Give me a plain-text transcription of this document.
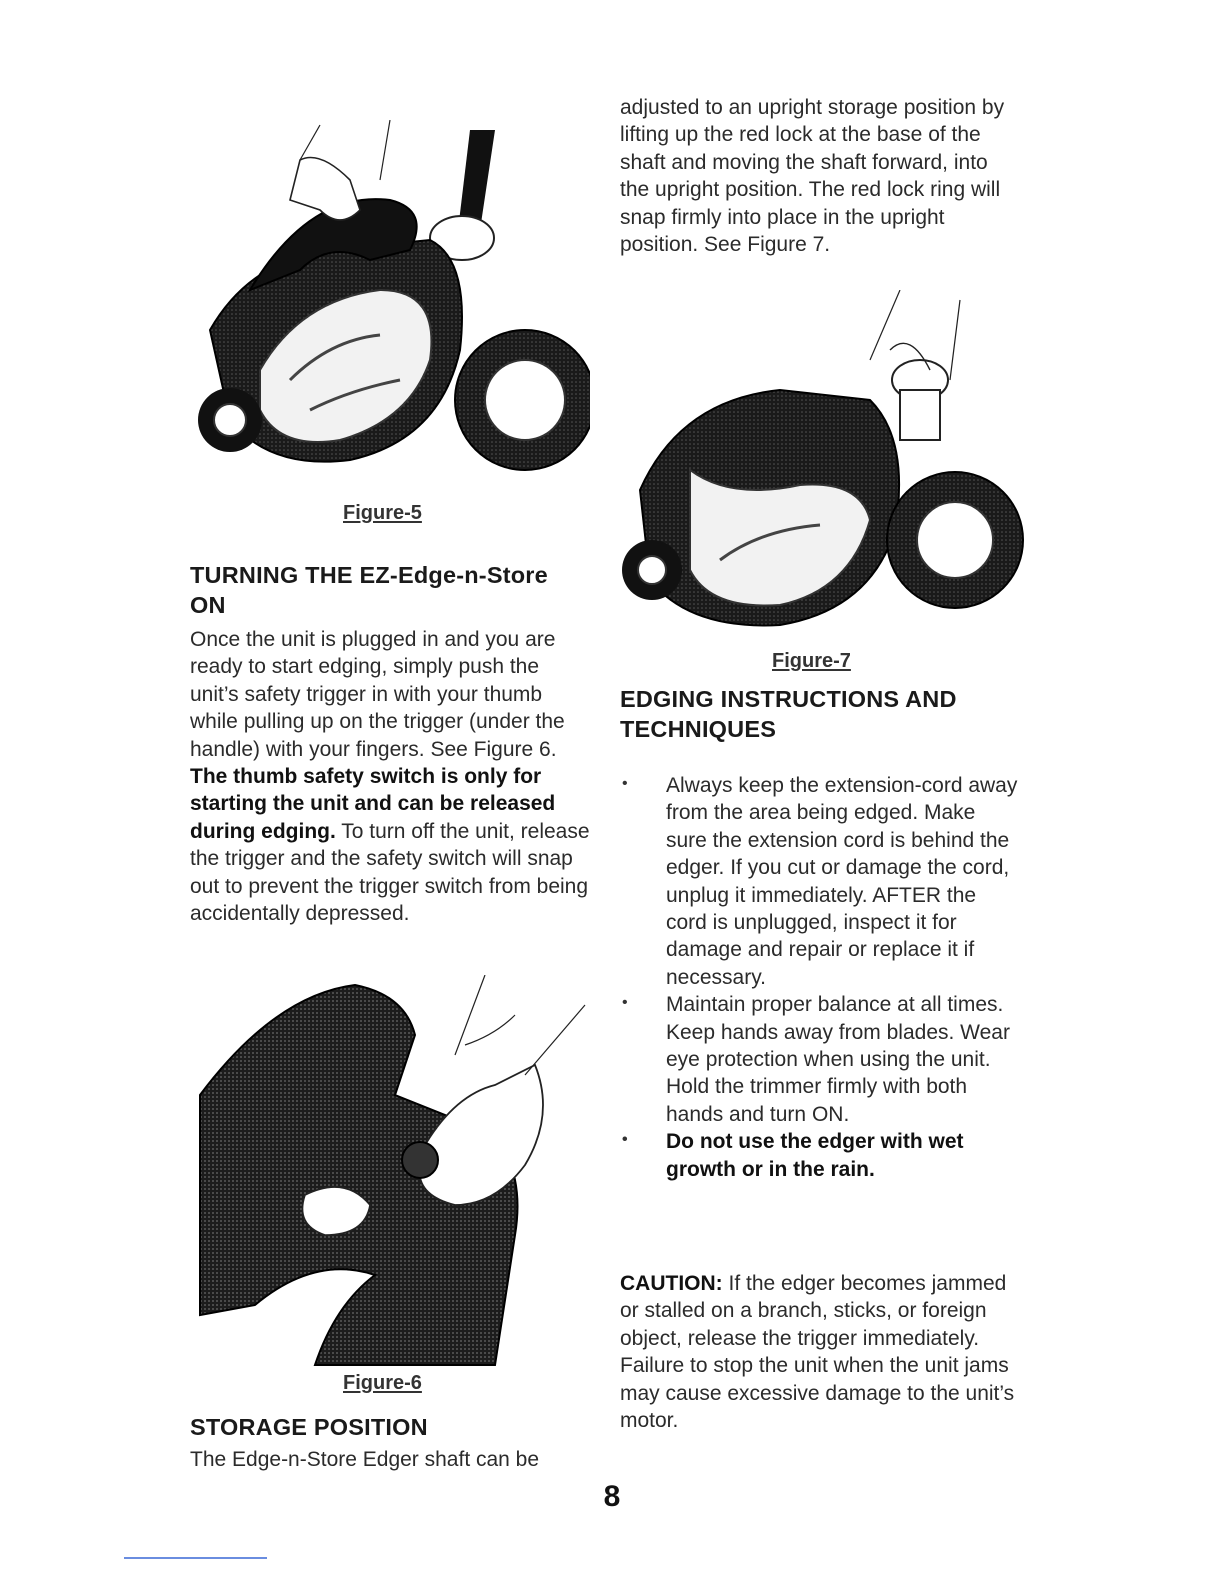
Figure-5
TURNING THE EZ-Edge-n-Store ON

Once the unit is plugged in and you are ready to start edging, simply push the unit’s safety trigger in with your thumb while pulling up on the trigger (under the handle) with your fingers. See Figure 6. The thumb safety switch is only for starting the unit and can be released during edging. To turn off the unit, release the trigger and the safety switch will snap out to prevent the trigger switch from being accidentally depressed.

Figure-6
STORAGE POSITION

The Edge-n-Store Edger shaft can be

adjusted to an upright storage position by lifting up the red lock at the base of the shaft and moving the shaft forward, into the upright position. The red lock ring will snap firmly into place in the upright position. See Figure 7.

Figure-7
EDGING INSTRUCTIONS AND TECHNIQUES
• Always keep the extension-cord away from the area being edged. Make sure the extension cord is behind the edger. If you cut or damage the cord, unplug it immediately. AFTER the cord is unplugged, inspect it for damage and repair or replace it if necessary.
• Maintain proper balance at all times. Keep hands away from blades. Wear eye protection when using the unit. Hold the trimmer firmly with both hands and turn ON.
• Do not use the edger with wet growth or in the rain.

CAUTION: If the edger becomes jammed or stalled on a branch, sticks, or foreign object, release the trigger immediately. Failure to stop the unit when the unit jams may cause excessive damage to the unit’s motor.

8
